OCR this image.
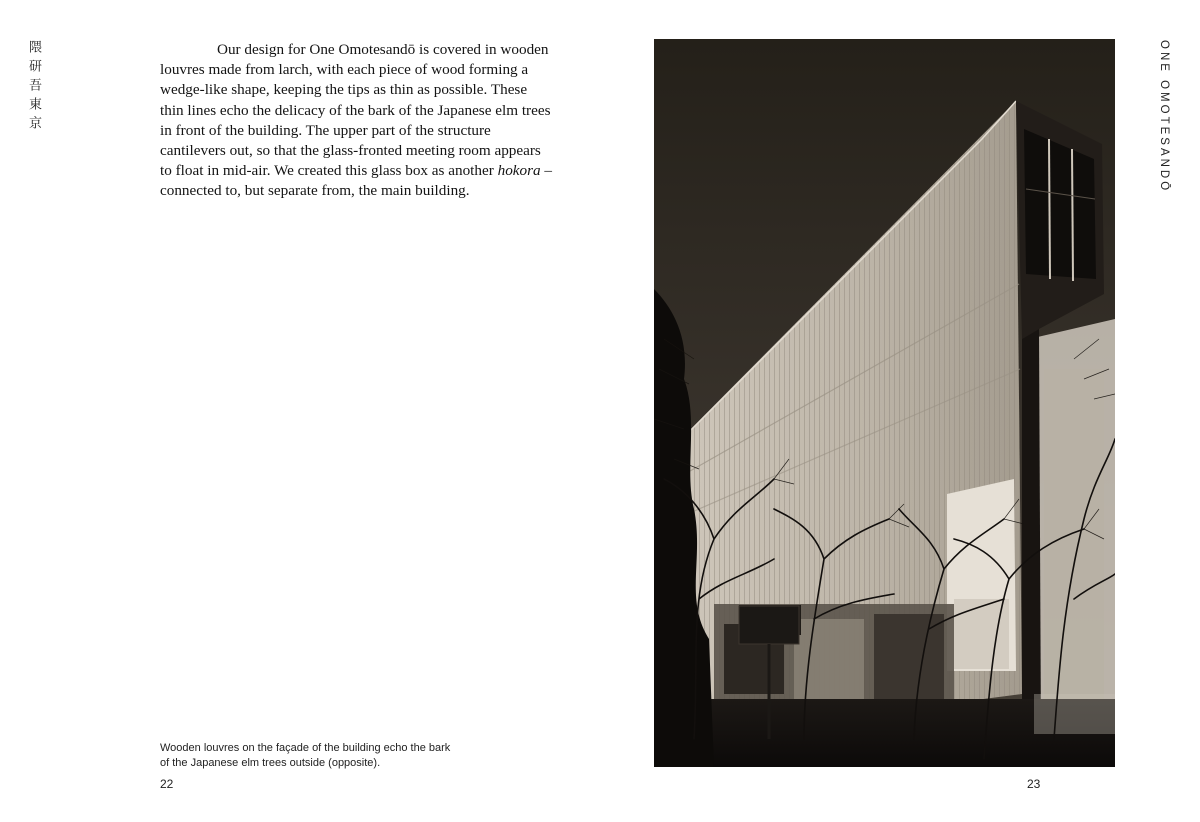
隈研吾東京	Our design for One Omotesandō is covered in wooden louvres made from larch, with each piece of wood forming a wedge-like shape, keeping the tips as thin as possible. These thin lines echo the delicacy of the bark of the Japanese elm trees in front of the building. The upper part of the structure cantilevers out, so that the glass-fronted meeting room appears to float in mid-air. We created this glass box as another hokora – connected to, but separate from, the main building.
Wooden louvres on the façade of the building echo the bark of the Japanese elm trees outside (opposite).
22
ONE OMOTESANDŌ
23
